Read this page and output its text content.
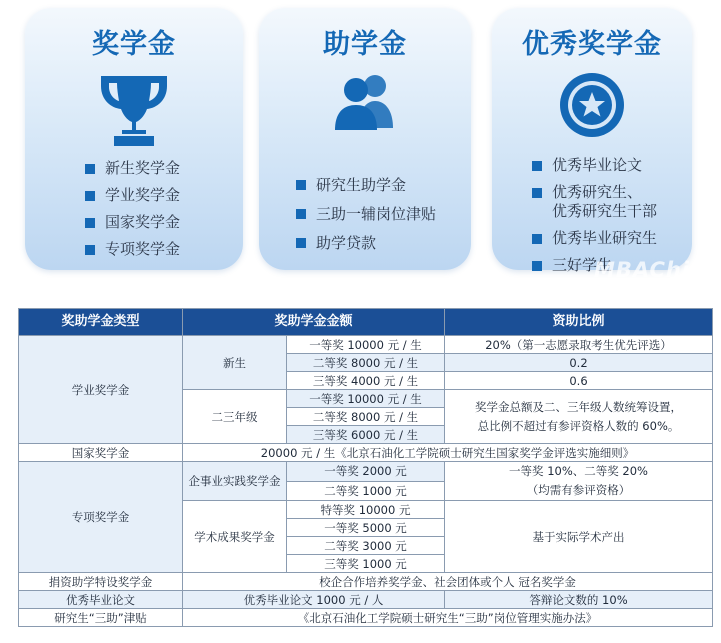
奖学金
新生奖学金
学业奖学金
国家奖学金
专项奖学金
助学金
研究生助学金
三助一辅岗位津贴
助学贷款
优秀奖学金
优秀毕业论文
优秀研究生、
优秀研究生干部
优秀毕业研究生
三好学生
MBAChi
奖助学金类型	奖助学金金额		资助比例
学业奖学金	新生	一等奖 10000 元 / 生	20%（第一志愿录取考生优先评选）
		二等奖 8000 元 / 生	0.2
		三等奖 4000 元 / 生	0.6
	二三年级	一等奖 10000 元 / 生	奖学金总额及二、三年级人数统筹设置，
总比例不超过有参评资格人数的 60%。
		二等奖 8000 元 / 生	
		三等奖 6000 元 / 生	
国家奖学金	20000 元 / 生《北京石油化工学院硕士研究生国家奖学金评选实施细则》		
专项奖学金	企事业实践奖学金	一等奖 2000 元	一等奖 10%、二等奖 20%
（均需有参评资格）
		二等奖 1000 元	
	学术成果奖学金	特等奖 10000 元	基于实际学术产出
		一等奖 5000 元	
		二等奖 3000 元	
		三等奖 1000 元	
捐资助学特设奖学金	校企合作培养奖学金、社会团体或个人 冠名奖学金		
优秀毕业论文	优秀毕业论文 1000 元 / 人		答辩论文数的 10%
研究生“三助”津贴	《北京石油化工学院硕士研究生“三助”岗位管理实施办法》		
